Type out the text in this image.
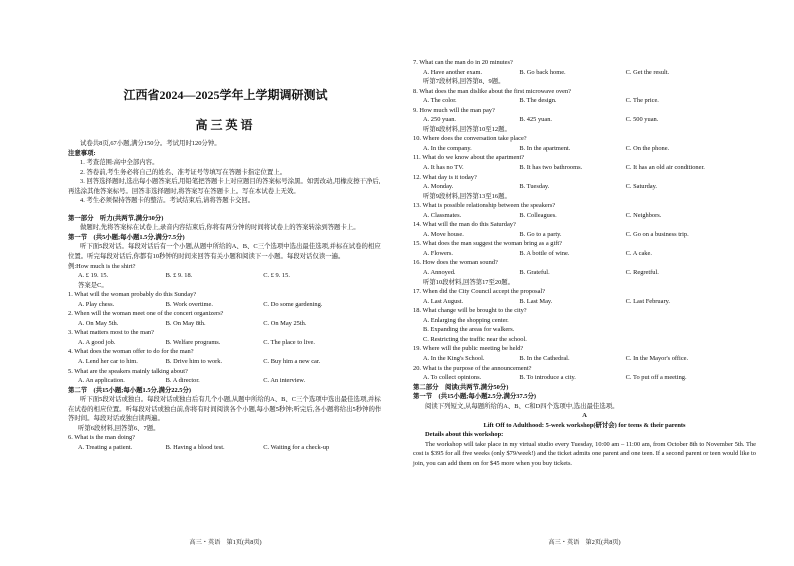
江西省2024—2025学年上学期调研测试
高三英语
试卷共8页,67小题,满分150分。考试用时120分钟。
注意事项:
1. 考查范围:高中全部内容。
2. 答卷前,考生务必将自己的姓名、准考证号等填写在答题卡指定位置上。
3. 回答选择题时,选出每小题答案后,用铅笔把答题卡上对应题目的答案标号涂黑。如需改动,用橡皮擦干净后,再选涂其他答案标号。回答非选择题时,将答案写在答题卡上。写在本试卷上无效。
4. 考生必须保持答题卡的整洁。考试结束后,请将答题卡交回。
第一部分　听力(共两节,满分30分)
做题时,先将答案标在试卷上,录音内容结束后,你将有两分钟的时间将试卷上的答案转涂到答题卡上。
第一节　(共5小题;每小题1.5分,满分7.5分)
听下面5段对话。每段对话后有一个小题,从题中所给的A、B、C三个选项中选出最佳选项,并标在试卷的相应位置。听完每段对话后,你都有10秒钟的时间来回答有关小题和阅读下一小题。每段对话仅读一遍。
例:How much is the shirt?
A. £ 19. 15.	B. £ 9. 18.	C. £ 9. 15.
答案是C。
1. What will the woman probably do this Sunday?
A. Play chess.	B. Work overtime.	C. Do some gardening.
2. When will the woman meet one of the concert organizers?
A. On May 5th.	B. On May 8th.	C. On May 25th.
3. What matters most to the man?
A. A good job.	B. Welfare programs.	C. The place to live.
4. What does the woman offer to do for the man?
A. Lend her car to him.	B. Drive him to work.	C. Buy him a new car.
5. What are the speakers mainly talking about?
A. An application.	B. A director.	C. An interview.
第二节　(共15小题;每小题1.5分,满分22.5分)
听下面5段对话或独白。每段对话或独白后有几个小题,从题中所给的A、B、C三个选项中选出最佳选项,并标在试卷的相应位置。听每段对话或独白前,你将有时间阅读各个小题,每小题5秒钟;听完后,各小题将给出5秒钟的作答时间。每段对话或独白读两遍。
听第6段材料,回答第6、7题。
6. What is the man doing?
A. Treating a patient.	B. Having a blood test.	C. Waiting for a check-up
高三・英语　第1页(共8页)
7. What can the man do in 20 minutes?
A. Have another exam.	B. Go back home.	C. Get the result.
听第7段材料,回答第8、9题。
8. What does the man dislike about the first microwave oven?
A. The color.	B. The design.	C. The price.
9. How much will the man pay?
A. 250 yuan.	B. 425 yuan.	C. 500 yuan.
听第8段材料,回答第10至12题。
10. Where does the conversation take place?
A. In the company.	B. In the apartment.	C. On the phone.
11. What do we know about the apartment?
A. It has no TV.	B. It has two bathrooms.	C. It has an old air conditioner.
12. What day is it today?
A. Monday.	B. Tuesday.	C. Saturday.
听第9段材料,回答第13至16题。
13. What is possible relationship between the speakers?
A. Classmates.	B. Colleagues.	C. Neighbors.
14. What will the man do this Saturday?
A. Move house.	B. Go to a party.	C. Go on a business trip.
15. What does the man suggest the woman bring as a gift?
A. Flowers.	B. A bottle of wine.	C. A cake.
16. How does the woman sound?
A. Annoyed.	B. Grateful.	C. Regretful.
听第10段材料,回答第17至20题。
17. When did the City Council accept the proposal?
A. Last August.	B. Last May.	C. Last February.
18. What change will be brought to the city?
A. Enlarging the shopping center.
B. Expanding the areas for walkers.
C. Restricting the traffic near the school.
19. Where will the public meeting be held?
A. In the King's School.	B. In the Cathedral.	C. In the Mayor's office.
20. What is the purpose of the announcement?
A. To collect opinions.	B. To introduce a city.	C. To put off a meeting.
第二部分　阅读(共两节,满分50分)
第一节　(共15小题;每小题2.5分,满分37.5分)
阅读下列短文,从每题所给的A、B、C和D四个选项中,选出最佳选项。
A
Lift Off to Adulthood: 5-week workshop(研讨会) for teens & their parents
Details about this workshop:
The workshop will take place in my virtual studio every Tuesday, 10:00 am – 11:00 am, from October 8th to November 5th. The cost is $395 for all five weeks (only $79/week!) and the ticket admits one parent and one teen. If a second parent or teen would like to join, you can add them on for $45 more when you buy tickets.
高三・英语　第2页(共8页)
